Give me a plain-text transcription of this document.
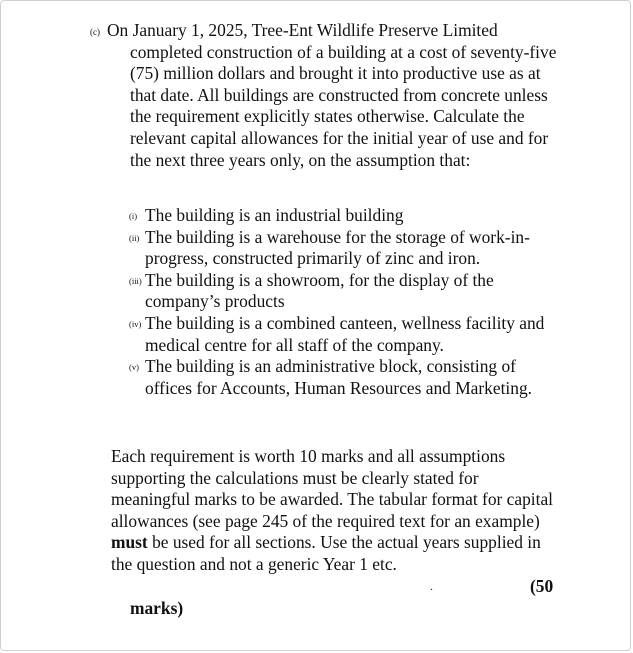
(c) On January 1, 2025, Tree-Ent Wildlife Preserve Limited completed construction of a building at a cost of seventy-five (75) million dollars and brought it into productive use as at that date. All buildings are constructed from concrete unless the requirement explicitly states otherwise. Calculate the relevant capital allowances for the initial year of use and for the next three years only, on the assumption that:
(i) The building is an industrial building
(ii) The building is a warehouse for the storage of work-in-progress, constructed primarily of zinc and iron.
(iii) The building is a showroom, for the display of the company’s products
(iv) The building is a combined canteen, wellness facility and medical centre for all staff of the company.
(v) The building is an administrative block, consisting of offices for Accounts, Human Resources and Marketing.
Each requirement is worth 10 marks and all assumptions supporting the calculations must be clearly stated for meaningful marks to be awarded. The tabular format for capital allowances (see page 245 of the required text for an example) must be used for all sections. Use the actual years supplied in the question and not a generic Year 1 etc.
.	(50
marks)
